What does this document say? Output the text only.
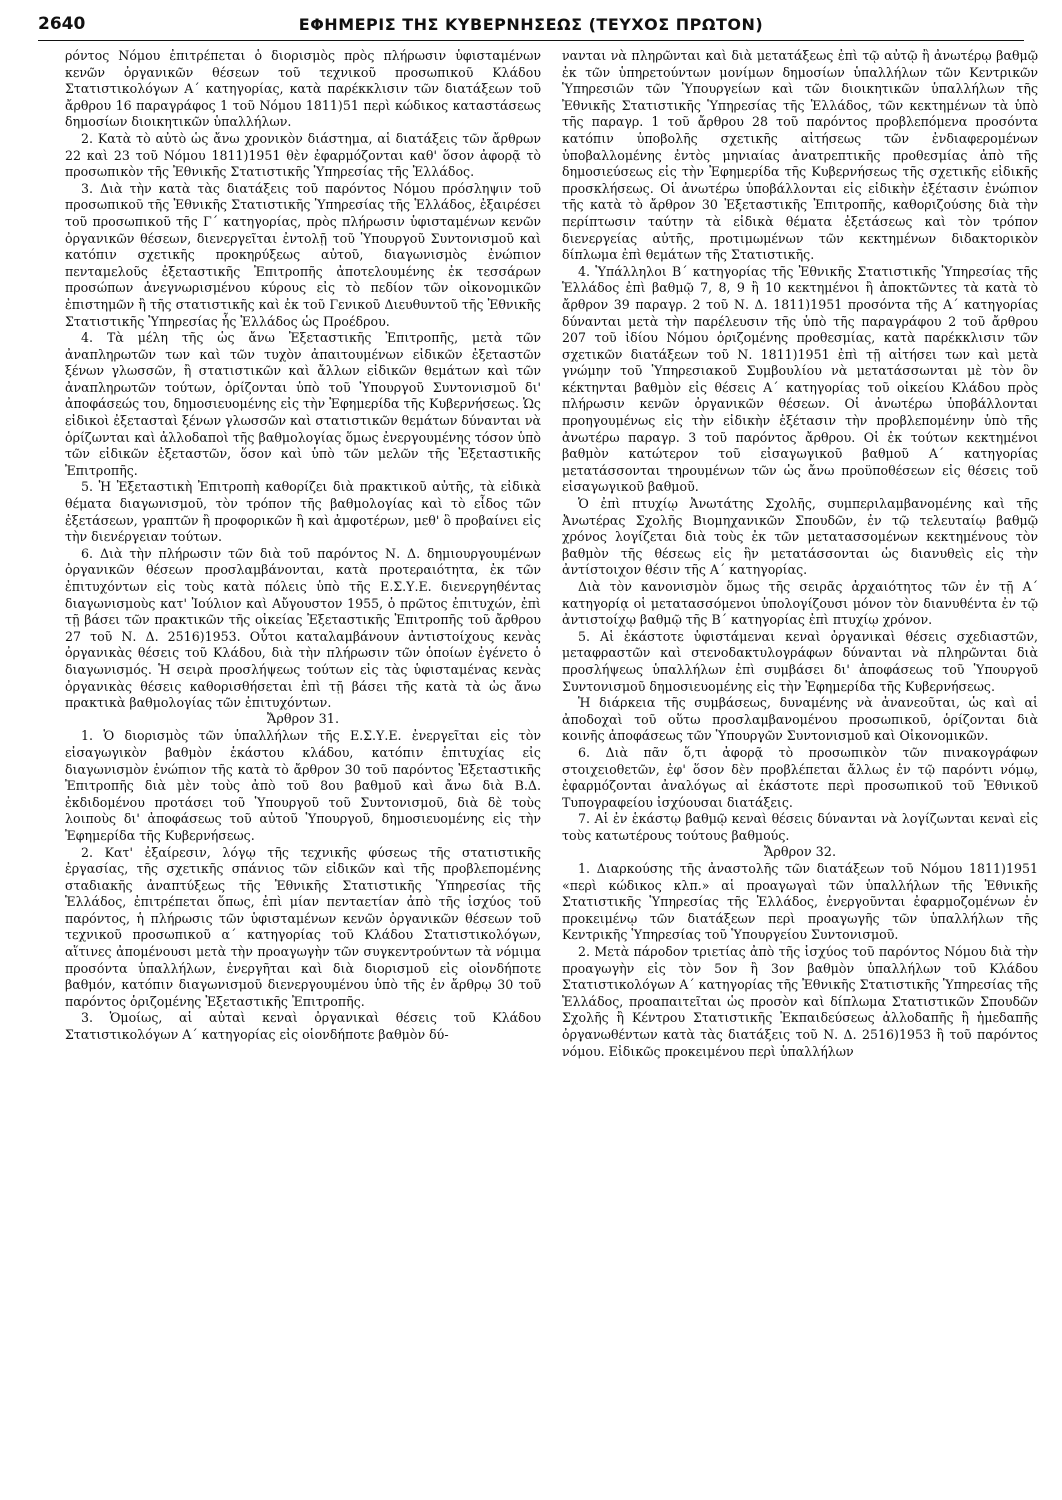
2640	ΕΦΗΜΕΡΙΣ ΤΗΣ ΚΥΒΕΡΝΗΣΕΩΣ (ΤΕΥΧΟΣ ΠΡΩΤΟΝ)

ρόντος Νόμου ἐπιτρέπεται ὁ διορισμὸς πρὸς πλήρωσιν ὑφισταμένων κενῶν ὀργανικῶν θέσεων τοῦ τεχνικοῦ προσωπικοῦ Κλάδου Στατιστικολόγων Α΄ κατηγορίας, κατὰ παρέκκλισιν τῶν διατάξεων τοῦ ἄρθρου 16 παραγράφος 1 τοῦ Νόμου 1811)51 περὶ κώδικος καταστάσεως δημοσίων διοικητικῶν ὑπαλλήλων.

2. Κατὰ τὸ αὐτὸ ὡς ἄνω χρονικὸν διάστημα, αἱ διατάξεις τῶν ἄρθρων 22 καὶ 23 τοῦ Νόμου 1811)1951 θὲν ἐφαρμόζονται καθ' ὅσον ἀφορᾷ τὸ προσωπικὸν τῆς Ἐθνικῆς Στατιστικῆς Ὑπηρεσίας τῆς Ἑλλάδος.

3. Διὰ τὴν κατὰ τὰς διατάξεις τοῦ παρόντος Νόμου πρόσληψιν τοῦ προσωπικοῦ τῆς Ἐθνικῆς Στατιστικῆς Ὑπηρεσίας τῆς Ἑλλάδος, ἐξαιρέσει τοῦ προσωπικοῦ τῆς Γ΄ κατηγορίας, πρὸς πλήρωσιν ὑφισταμένων κενῶν ὀργανικῶν θέσεων, διενεργεῖται ἐντολῇ τοῦ Ὑπουργοῦ Συντονισμοῦ καὶ κατόπιν σχετικῆς προκηρύξεως αὐτοῦ, διαγωνισμὸς ἐνώπιον πενταμελοῦς ἐξεταστικῆς Ἐπιτροπῆς ἀποτελουμένης ἐκ τεσσάρων προσώπων ἀνεγνωρισμένου κύρους εἰς τὸ πεδίον τῶν οἰκονομικῶν ἐπιστημῶν ἢ τῆς στατιστικῆς καὶ ἐκ τοῦ Γενικοῦ Διευθυντοῦ τῆς Ἐθνικῆς Στατιστικῆς Ὑπηρεσίας ἧς Ἑλλάδος ὡς Προέδρου.

4. Τὰ μέλη τῆς ὡς ἄνω Ἐξεταστικῆς Ἐπιτροπῆς, μετὰ τῶν ἀναπληρωτῶν των καὶ τῶν τυχὸν ἀπαιτουμένων εἰδικῶν ἐξεταστῶν ξένων γλωσσῶν, ἢ στατιστικῶν καὶ ἄλλων εἰδικῶν θεμάτων καὶ τῶν ἀναπληρωτῶν τούτων, ὁρίζονται ὑπὸ τοῦ Ὑπουργοῦ Συντονισμοῦ δι' ἀποφάσεώς του, δημοσιευομένης εἰς τὴν Ἐφημερίδα τῆς Κυβερνήσεως. Ὡς εἰδικοὶ ἐξετασταὶ ξένων γλωσσῶν καὶ στατιστικῶν θεμάτων δύνανται νὰ ὁρίζωνται καὶ ἀλλοδαποὶ τῆς βαθμολογίας ὅμως ἐνεργουμένης τόσον ὑπὸ τῶν εἰδικῶν ἐξεταστῶν, ὅσον καὶ ὑπὸ τῶν μελῶν τῆς Ἐξεταστικῆς Ἐπιτροπῆς.

5. Ἡ Ἐξεταστικὴ Ἐπιτροπὴ καθορίζει διὰ πρακτικοῦ αὐτῆς, τὰ εἰδικὰ θέματα διαγωνισμοῦ, τὸν τρόπον τῆς βαθμολογίας καὶ τὸ εἶδος τῶν ἐξετάσεων, γραπτῶν ἢ προφορικῶν ἢ καὶ ἀμφοτέρων, μεθ' ὃ προβαίνει εἰς τὴν διενέργειαν τούτων.

6. Διὰ τὴν πλήρωσιν τῶν διὰ τοῦ παρόντος Ν. Δ. δημιουργουμένων ὀργανικῶν θέσεων προσλαμβάνονται, κατὰ προτεραιότητα, ἐκ τῶν ἐπιτυχόντων εἰς τοὺς κατὰ πόλεις ὑπὸ τῆς Ε.Σ.Υ.Ε. διενεργηθέντας διαγωνισμοὺς κατ' Ἰούλιον καὶ Αὔγουστον 1955, ὁ πρῶτος ἐπιτυχών, ἐπὶ τῇ βάσει τῶν πρακτικῶν τῆς οἰκείας Ἐξεταστικῆς Ἐπιτροπῆς τοῦ ἄρθρου 27 τοῦ Ν. Δ. 2516)1953. Οὗτοι καταλαμβάνουν ἀντιστοίχους κενὰς ὀργανικὰς θέσεις τοῦ Κλάδου, διὰ τὴν πλήρωσιν τῶν ὁποίων ἐγένετο ὁ διαγωνισμός. Ἡ σειρὰ προσλήψεως τούτων εἰς τὰς ὑφισταμένας κενὰς ὀργανικὰς θέσεις καθορισθήσεται ἐπὶ τῇ βάσει τῆς κατὰ τὰ ὡς ἄνω πρακτικὰ βαθμολογίας τῶν ἐπιτυχόντων.

Ἄρθρον 31.

1. Ὁ διορισμὸς τῶν ὑπαλλήλων τῆς Ε.Σ.Υ.Ε. ἐνεργεῖται εἰς τὸν εἰσαγωγικὸν βαθμὸν ἑκάστου κλάδου, κατόπιν ἐπιτυχίας εἰς διαγωνισμὸν ἐνώπιον τῆς κατὰ τὸ ἄρθρον 30 τοῦ παρόντος Ἐξεταστικῆς Ἐπιτροπῆς διὰ μὲν τοὺς ἀπὸ τοῦ 8ου βαθμοῦ καὶ ἄνω διὰ Β.Δ. ἐκδιδομένου προτάσει τοῦ Ὑπουργοῦ τοῦ Συντονισμοῦ, διὰ δὲ τοὺς λοιποὺς δι' ἀποφάσεως τοῦ αὐτοῦ Ὑπουργοῦ, δημοσιευομένης εἰς τὴν Ἐφημερίδα τῆς Κυβερνήσεως.

2. Κατ' ἐξαίρεσιν, λόγῳ τῆς τεχνικῆς φύσεως τῆς στατιστικῆς ἐργασίας, τῆς σχετικῆς σπάνιος τῶν εἰδικῶν καὶ τῆς προβλεπομένης σταδιακῆς ἀναπτύξεως τῆς Ἐθνικῆς Στατιστικῆς Ὑπηρεσίας τῆς Ἑλλάδος, ἐπιτρέπεται ὅπως, ἐπὶ μίαν πενταετίαν ἀπὸ τῆς ἰσχύος τοῦ παρόντος, ἡ πλήρωσις τῶν ὑφισταμένων κενῶν ὀργανικῶν θέσεων τοῦ τεχνικοῦ προσωπικοῦ α΄ κατηγορίας τοῦ Κλάδου Στατιστικολόγων, αἵτινες ἀπομένουσι μετὰ τὴν προαγωγὴν τῶν συγκεντρούντων τὰ νόμιμα προσόντα ὑπαλλήλων, ἐνεργῆται καὶ διὰ διορισμοῦ εἰς οἱονδήποτε βαθμόν, κατόπιν διαγωνισμοῦ διενεργουμένου ὑπὸ τῆς ἐν ἄρθρῳ 30 τοῦ παρόντος ὁριζομένης Ἐξεταστικῆς Ἐπιτροπῆς.

3. Ὁμοίως, αἱ αὐταὶ κεναὶ ὀργανικαὶ θέσεις τοῦ Κλάδου Στατιστικολόγων Α΄ κατηγορίας εἰς οἱονδήποτε βαθμὸν δύ-

νανται νὰ πληρῶνται καὶ διὰ μετατάξεως ἐπὶ τῷ αὐτῷ ἢ ἀνωτέρῳ βαθμῷ ἐκ τῶν ὑπηρετούντων μονίμων δημοσίων ὑπαλλήλων τῶν Κεντρικῶν Ὑπηρεσιῶν τῶν Ὑπουργείων καὶ τῶν διοικητικῶν ὑπαλλήλων τῆς Ἐθνικῆς Στατιστικῆς Ὑπηρεσίας τῆς Ἑλλάδος, τῶν κεκτημένων τὰ ὑπὸ τῆς παραγρ. 1 τοῦ ἄρθρου 28 τοῦ παρόντος προβλεπόμενα προσόντα κατόπιν ὑποβολῆς σχετικῆς αἰτήσεως τῶν ἐνδιαφερομένων ὑποβαλλομένης ἐντὸς μηνιαίας ἀνατρεπτικῆς προθεσμίας ἀπὸ τῆς δημοσιεύσεως εἰς τὴν Ἐφημερίδα τῆς Κυβερνήσεως τῆς σχετικῆς εἰδικῆς προσκλήσεως. Οἱ ἀνωτέρω ὑποβάλλονται εἰς εἰδικὴν ἐξέτασιν ἐνώπιον τῆς κατὰ τὸ ἄρθρον 30 Ἐξεταστικῆς Ἐπιτροπῆς, καθοριζούσης διὰ τὴν περίπτωσιν ταύτην τὰ εἰδικὰ θέματα ἐξετάσεως καὶ τὸν τρόπον διενεργείας αὐτῆς, προτιμωμένων τῶν κεκτημένων διδακτορικὸν δίπλωμα ἐπὶ θεμάτων τῆς Στατιστικῆς.

4. Ὑπάλληλοι Β΄ κατηγορίας τῆς Ἐθνικῆς Στατιστικῆς Ὑπηρεσίας τῆς Ἑλλάδος ἐπὶ βαθμῷ 7, 8, 9 ἢ 10 κεκτημένοι ἢ ἀποκτῶντες τὰ κατὰ τὸ ἄρθρον 39 παραγρ. 2 τοῦ Ν. Δ. 1811)1951 προσόντα τῆς Α΄ κατηγορίας δύνανται μετὰ τὴν παρέλευσιν τῆς ὑπὸ τῆς παραγράφου 2 τοῦ ἄρθρου 207 τοῦ ἰδίου Νόμου ὁριζομένης προθεσμίας, κατὰ παρέκκλισιν τῶν σχετικῶν διατάξεων τοῦ Ν. 1811)1951 ἐπὶ τῇ αἰτήσει των καὶ μετὰ γνώμην τοῦ Ὑπηρεσιακοῦ Συμβουλίου νὰ μετατάσσωνται μὲ τὸν ὃν κέκτηνται βαθμὸν εἰς θέσεις Α΄ κατηγορίας τοῦ οἰκείου Κλάδου πρὸς πλήρωσιν κενῶν ὀργανικῶν θέσεων. Οἱ ἀνωτέρω ὑποβάλλονται προηγουμένως εἰς τὴν εἰδικὴν ἐξέτασιν τὴν προβλεπομένην ὑπὸ τῆς ἀνωτέρω παραγρ. 3 τοῦ παρόντος ἄρθρου. Οἱ ἐκ τούτων κεκτημένοι βαθμὸν κατώτερον τοῦ εἰσαγωγικοῦ βαθμοῦ Α΄ κατηγορίας μετατάσσονται τηρουμένων τῶν ὡς ἄνω προϋποθέσεων εἰς θέσεις τοῦ εἰσαγωγικοῦ βαθμοῦ.

Ὁ ἐπὶ πτυχίῳ Ἀνωτάτης Σχολῆς, συμπεριλαμβανομένης καὶ τῆς Ἀνωτέρας Σχολῆς Βιομηχανικῶν Σπουδῶν, ἐν τῷ τελευταίῳ βαθμῷ χρόνος λογίζεται διὰ τοὺς ἐκ τῶν μετατασσομένων κεκτημένους τὸν βαθμὸν τῆς θέσεως εἰς ἣν μετατάσσονται ὡς διανυθεὶς εἰς τὴν ἀντίστοιχον θέσιν τῆς Α΄ κατηγορίας.

Διὰ τὸν κανονισμὸν ὅμως τῆς σειρᾶς ἀρχαιότητος τῶν ἐν τῇ Α΄ κατηγορίᾳ οἱ μετατασσόμενοι ὑπολογίζουσι μόνον τὸν διανυθέντα ἐν τῷ ἀντιστοίχῳ βαθμῷ τῆς Β΄ κατηγορίας ἐπὶ πτυχίῳ χρόνον.

5. Αἱ ἑκάστοτε ὑφιστάμεναι κεναὶ ὀργανικαὶ θέσεις σχεδιαστῶν, μεταφραστῶν καὶ στενοδακτυλογράφων δύνανται νὰ πληρῶνται διὰ προσλήψεως ὑπαλλήλων ἐπὶ συμβάσει δι' ἀποφάσεως τοῦ Ὑπουργοῦ Συντονισμοῦ δημοσιευομένης εἰς τὴν Ἐφημερίδα τῆς Κυβερνήσεως.

Ἡ διάρκεια τῆς συμβάσεως, δυναμένης νὰ ἀνανεοῦται, ὡς καὶ αἱ ἀποδοχαὶ τοῦ οὕτω προσλαμβανομένου προσωπικοῦ, ὁρίζονται διὰ κοινῆς ἀποφάσεως τῶν Ὑπουργῶν Συντονισμοῦ καὶ Οἰκονομικῶν.

6. Διὰ πᾶν ὅ,τι ἀφορᾷ τὸ προσωπικὸν τῶν πινακογράφων στοιχειοθετῶν, ἐφ' ὅσον δὲν προβλέπεται ἄλλως ἐν τῷ παρόντι νόμῳ, ἐφαρμόζονται ἀναλόγως αἱ ἑκάστοτε περὶ προσωπικοῦ τοῦ Ἐθνικοῦ Τυπογραφείου ἰσχύουσαι διατάξεις.

7. Αἱ ἐν ἑκάστῳ βαθμῷ κεναὶ θέσεις δύνανται νὰ λογίζωνται κεναὶ εἰς τοὺς κατωτέρους τούτους βαθμούς.

Ἄρθρον 32.

1. Διαρκούσης τῆς ἀναστολῆς τῶν διατάξεων τοῦ Νόμου 1811)1951 «περὶ κώδικος κλπ.» αἱ προαγωγαὶ τῶν ὑπαλλήλων τῆς Ἐθνικῆς Στατιστικῆς Ὑπηρεσίας τῆς Ἑλλάδος, ἐνεργοῦνται ἐφαρμοζομένων ἐν προκειμένῳ τῶν διατάξεων περὶ προαγωγῆς τῶν ὑπαλλήλων τῆς Κεντρικῆς Ὑπηρεσίας τοῦ Ὑπουργείου Συντονισμοῦ.

2. Μετὰ πάροδον τριετίας ἀπὸ τῆς ἰσχύος τοῦ παρόντος Νόμου διὰ τὴν προαγωγὴν εἰς τὸν 5ον ἢ 3ον βαθμὸν ὑπαλλήλων τοῦ Κλάδου Στατιστικολόγων Α΄ κατηγορίας τῆς Ἐθνικῆς Στατιστικῆς Ὑπηρεσίας τῆς Ἑλλάδος, προαπαιτεῖται ὡς προσὸν καὶ δίπλωμα Στατιστικῶν Σπουδῶν Σχολῆς ἢ Κέντρου Στατιστικῆς Ἐκπαιδεύσεως ἀλλοδαπῆς ἢ ἡμεδαπῆς ὀργανωθέντων κατὰ τὰς διατάξεις τοῦ Ν. Δ. 2516)1953 ἢ τοῦ παρόντος νόμου. Εἰδικῶς προκειμένου περὶ ὑπαλλήλων
